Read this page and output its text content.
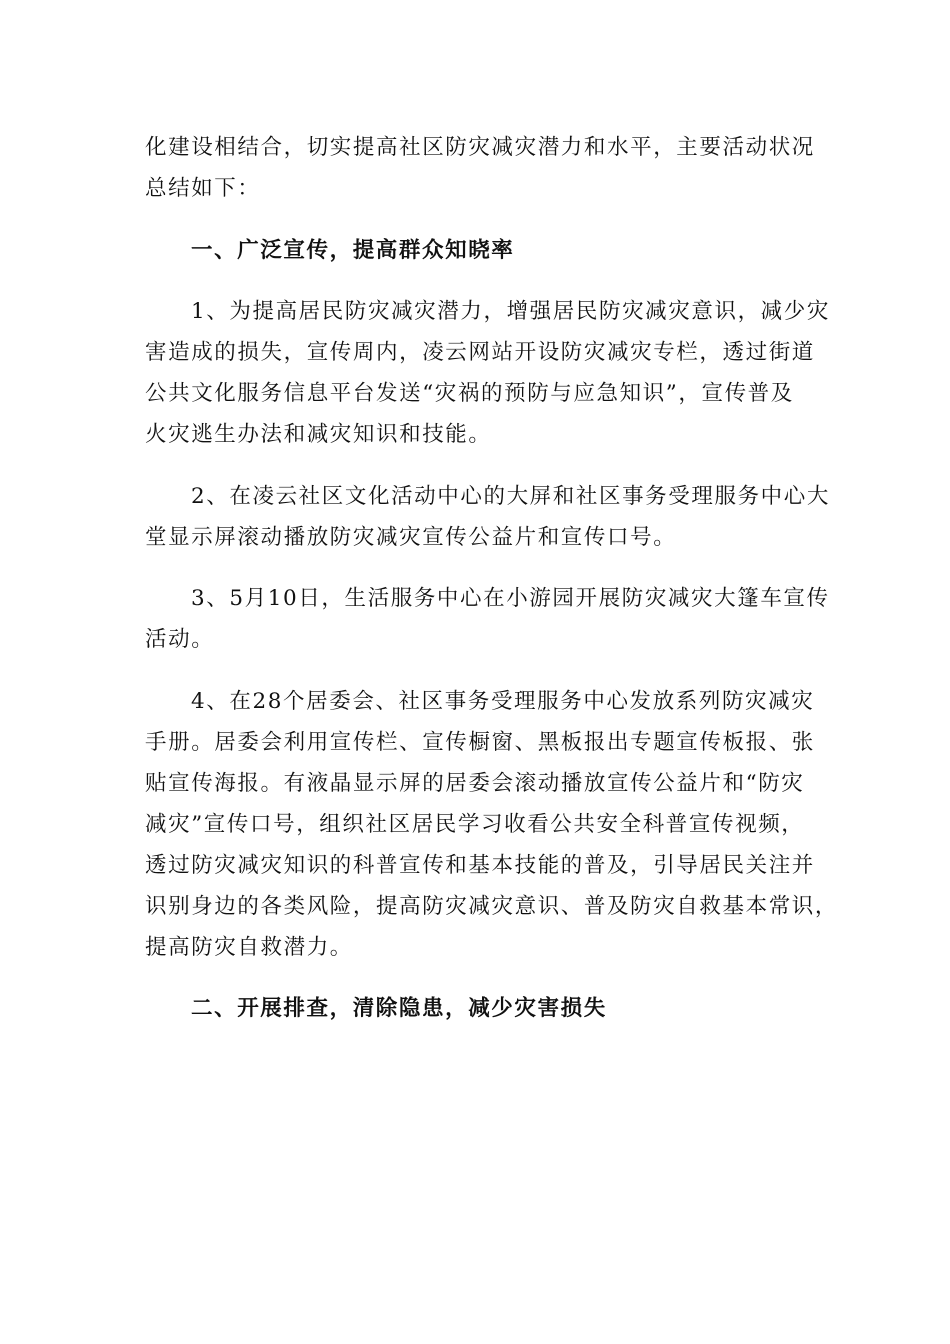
化建设相结合，切实提高社区防灾减灾潜力和水平，主要活动状况
总结如下：
一、广泛宣传，提高群众知晓率
1、为提高居民防灾减灾潜力，增强居民防灾减灾意识，减少灾
害造成的损失，宣传周内，凌云网站开设防灾减灾专栏，透过街道
公共文化服务信息平台发送“灾祸的预防与应急知识”，宣传普及
火灾逃生办法和减灾知识和技能。
2、在凌云社区文化活动中心的大屏和社区事务受理服务中心大
堂显示屏滚动播放防灾减灾宣传公益片和宣传口号。
3、5月10日，生活服务中心在小游园开展防灾减灾大篷车宣传
活动。
4、在28个居委会、社区事务受理服务中心发放系列防灾减灾
手册。居委会利用宣传栏、宣传橱窗、黑板报出专题宣传板报、张
贴宣传海报。有液晶显示屏的居委会滚动播放宣传公益片和“防灾
减灾”宣传口号，组织社区居民学习收看公共安全科普宣传视频，
透过防灾减灾知识的科普宣传和基本技能的普及，引导居民关注并
识别身边的各类风险，提高防灾减灾意识、普及防灾自救基本常识，
提高防灾自救潜力。
二、开展排查，清除隐患，减少灾害损失
